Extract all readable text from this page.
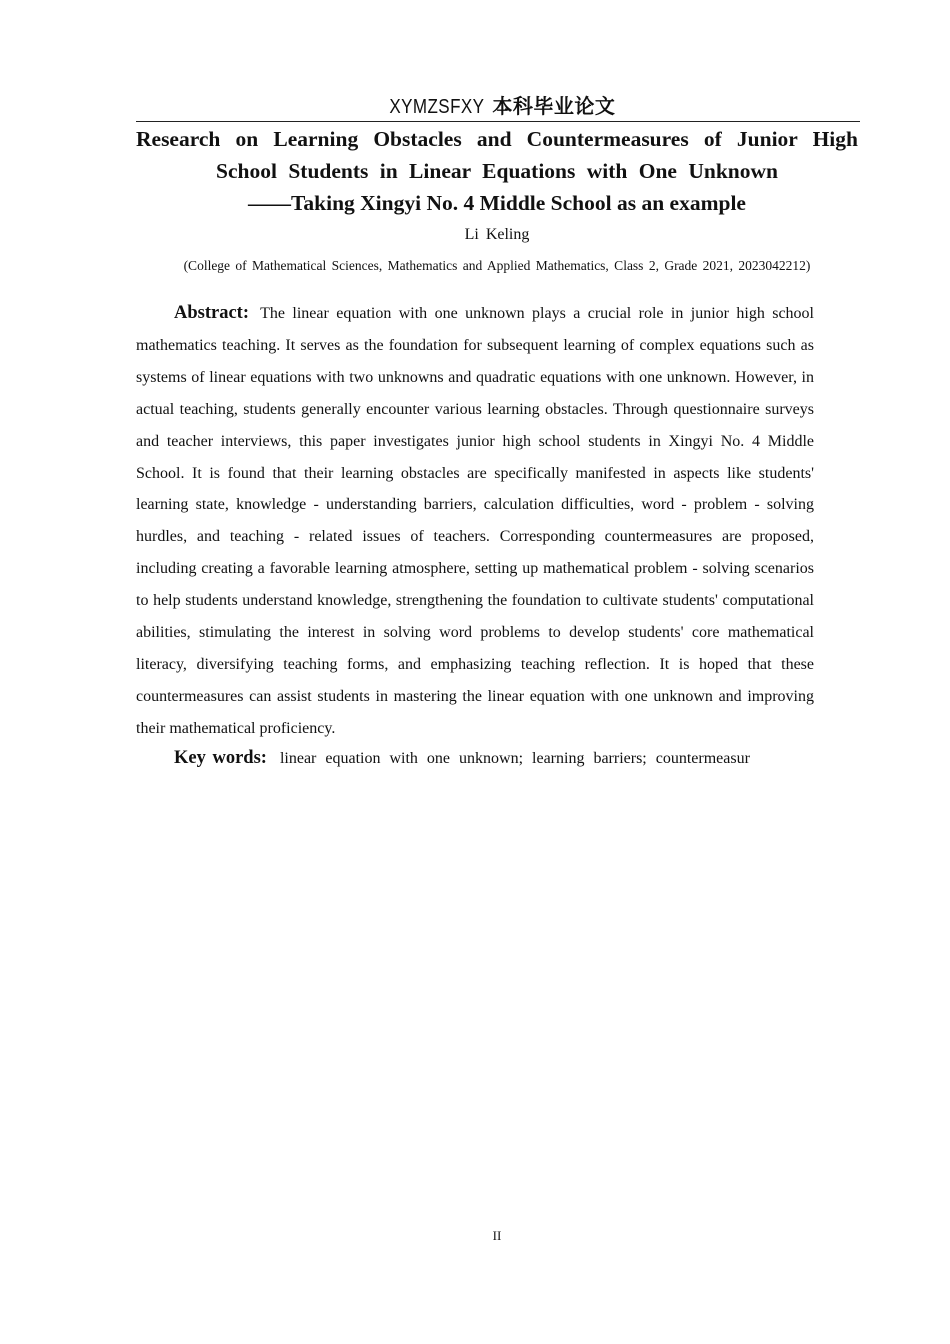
XYMZSFXY 本科毕业论文
Research on Learning Obstacles and Countermeasures of Junior High
School Students in Linear Equations with One Unknown
——Taking Xingyi No. 4 Middle School as an example
Li Keling
(College of Mathematical Sciences, Mathematics and Applied Mathematics, Class 2, Grade 2021, 2023042212)

Abstract: The linear equation with one unknown plays a crucial role in junior high school mathematics teaching. It serves as the foundation for subsequent learning of complex equations such as systems of linear equations with two unknowns and quadratic equations with one unknown. However, in actual teaching, students generally encounter various learning obstacles. Through questionnaire surveys and teacher interviews, this paper investigates junior high school students in Xingyi No. 4 Middle School. It is found that their learning obstacles are specifically manifested in aspects like students' learning state, knowledge - understanding barriers, calculation difficulties, word - problem - solving hurdles, and teaching - related issues of teachers. Corresponding countermeasures are proposed, including creating a favorable learning atmosphere, setting up mathematical problem - solving scenarios to help students understand knowledge, strengthening the foundation to cultivate students' computational abilities, stimulating the interest in solving word problems to develop students' core mathematical literacy, diversifying teaching forms, and emphasizing teaching reflection. It is hoped that these countermeasures can assist students in mastering the linear equation with one unknown and improving their mathematical proficiency.

Key words: linear equation with one unknown; learning barriers; countermeasur

II
